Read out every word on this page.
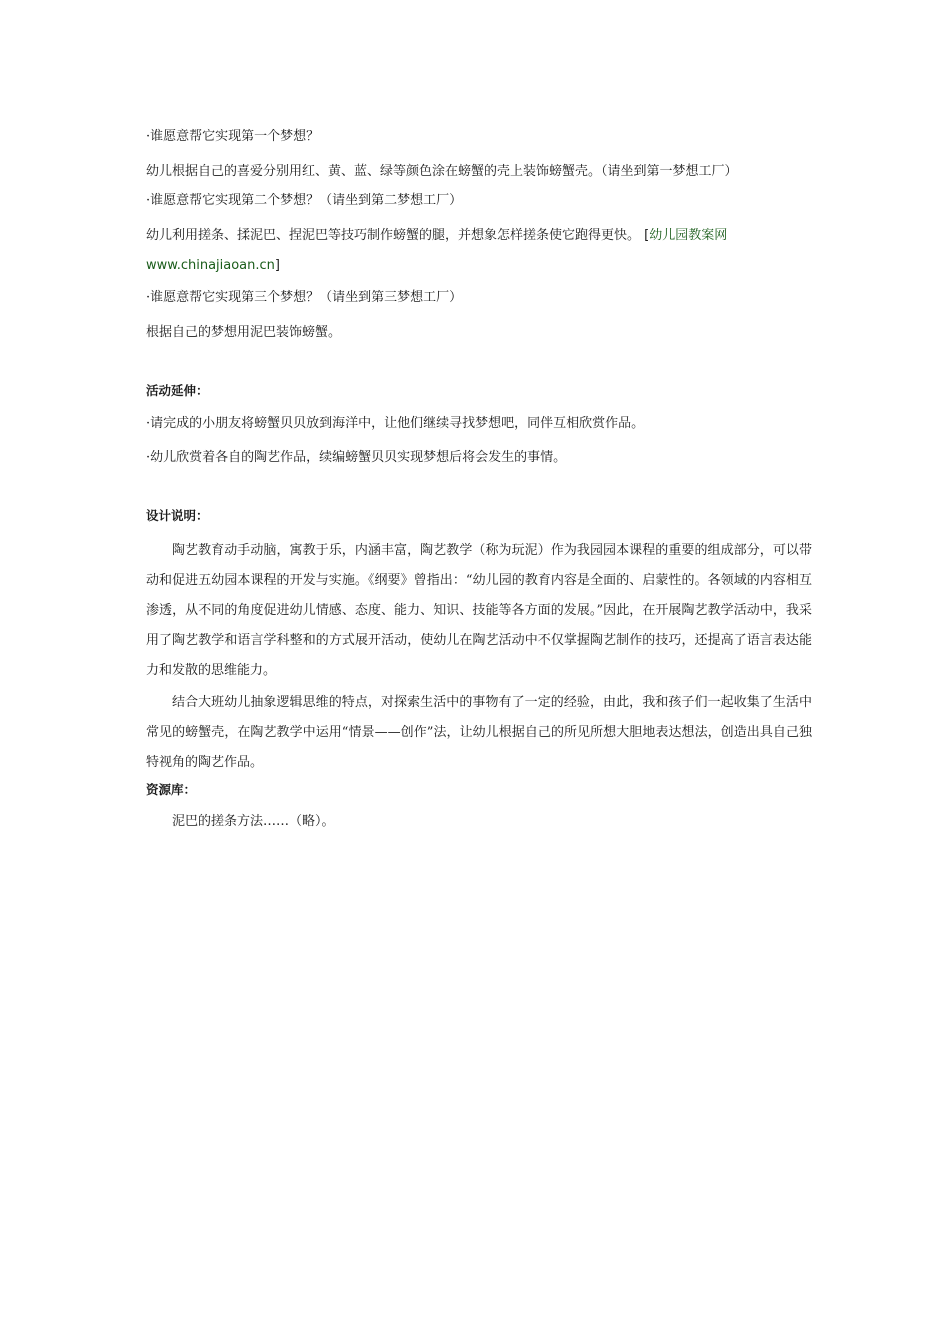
·谁愿意帮它实现第一个梦想？

幼儿根据自己的喜爱分别用红、黄、蓝、绿等颜色涂在螃蟹的壳上装饰螃蟹壳。（请坐到第一梦想工厂）

·谁愿意帮它实现第二个梦想？（请坐到第二梦想工厂）

幼儿利用搓条、揉泥巴、捏泥巴等技巧制作螃蟹的腿，并想象怎样搓条使它跑得更快。 [幼儿园教案网

www.chinajiaoan.cn]

·谁愿意帮它实现第三个梦想？（请坐到第三梦想工厂）

根据自己的梦想用泥巴装饰螃蟹。

活动延伸：

·请完成的小朋友将螃蟹贝贝放到海洋中，让他们继续寻找梦想吧，同伴互相欣赏作品。

·幼儿欣赏着各自的陶艺作品，续编螃蟹贝贝实现梦想后将会发生的事情。

设计说明：

陶艺教育动手动脑，寓教于乐，内涵丰富，陶艺教学（称为玩泥）作为我园园本课程的重要的组成部分，可以带动和促进五幼园本课程的开发与实施。《纲要》曾指出：“幼儿园的教育内容是全面的、启蒙性的。各领域的内容相互渗透，从不同的角度促进幼儿情感、态度、能力、知识、技能等各方面的发展。”因此，在开展陶艺教学活动中，我采用了陶艺教学和语言学科整和的方式展开活动，使幼儿在陶艺活动中不仅掌握陶艺制作的技巧，还提高了语言表达能力和发散的思维能力。

结合大班幼儿抽象逻辑思维的特点，对探索生活中的事物有了一定的经验，由此，我和孩子们一起收集了生活中常见的螃蟹壳，在陶艺教学中运用“情景——创作”法，让幼儿根据自己的所见所想大胆地表达想法，创造出具自己独特视角的陶艺作品。

资源库：

泥巴的搓条方法……（略）。
